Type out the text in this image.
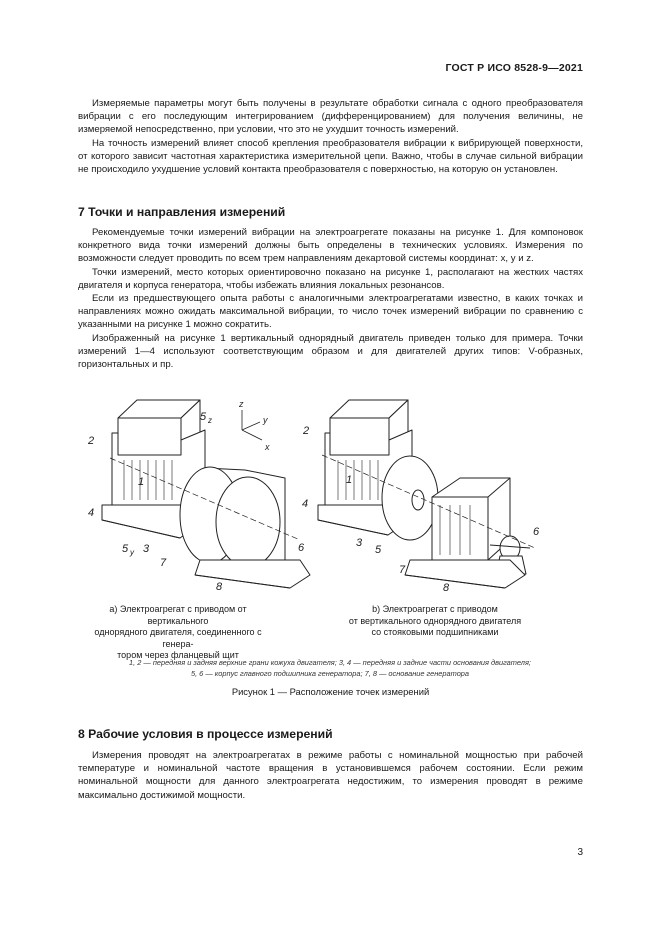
ГОСТ Р ИСО 8528-9—2021

Измеряемые параметры могут быть получены в результате обработки сигнала с одного преобразователя вибрации с его последующим интегрированием (дифференцированием) для получения величины, не измеряемой непосредственно, при условии, что это не ухудшит точность измерений.

На точность измерений влияет способ крепления преобразователя вибрации к вибрирующей поверхности, от которого зависит частотная характеристика измерительной цепи. Важно, чтобы в случае сильной вибрации не происходило ухудшение условий контакта преобразователя с поверхностью, на которую он установлен.

7 Точки и направления измерений

Рекомендуемые точки измерений вибрации на электроагрегате показаны на рисунке 1. Для компоновок конкретного вида точки измерений должны быть определены в технических условиях. Измерения по возможности следует проводить по всем трем направлениям декартовой системы координат: x, y и z.

Точки измерений, место которых ориентировочно показано на рисунке 1, располагают на жестких частях двигателя и корпуса генератора, чтобы избежать влияния локальных резонансов.

Если из предшествующего опыта работы с аналогичными электроагрегатами известно, в каких точках и направлениях можно ожидать максимальной вибрации, то число точек измерений вибрации по сравнению с указанными на рисунке 1 можно сократить.

Изображенный на рисунке 1 вертикальный однорядный двигатель приведен только для примера. Точки измерений 1—4 используют соответствующим образом и для двигателей других типов: V-образных, горизонтальных и пр.

2
1
4
5 z
5 y 3
7
6
8
z
y
x
2
1
4
3
5
7
6
8
a) Электроагрегат с приводом от вертикального
однорядного двигателя, соединенного с генера-
тором через фланцевый щит
b) Электроагрегат с приводом
от вертикального однорядного двигателя
со стояковыми подшипниками
1, 2 — передняя и задняя верхние грани кожуха двигателя; 3, 4 — передняя и задние части основания двигателя;
5, 6 — корпус главного подшипника генератора; 7, 8 — основание генератора
Рисунок 1 — Расположение точек измерений
8 Рабочие условия в процессе измерений

Измерения проводят на электроагрегатах в режиме работы с номинальной мощностью при рабочей температуре и номинальной частоте вращения в установившемся рабочем состоянии. Если режим номинальной мощности для данного электроагрегата недостижим, то измерения проводят в режиме максимально достижимой мощности.

3
